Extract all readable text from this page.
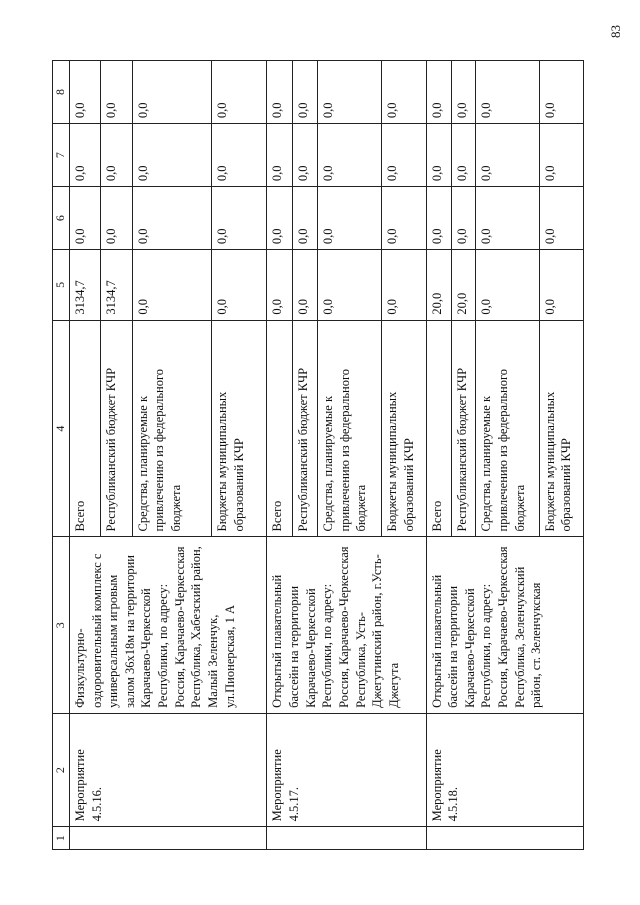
83
1	2	3	4	5	6	7	8
	Мероприятие 4.5.16.	Физкультурно-оздоровительный комплекс с универсальным игровым залом 36х18м на территории Карачаево-Черкесской Республики, по адресу: Россия, Карачаево-Черкесская Республика, Хабезский район, Малый Зеленчук, ул.Пионерская, 1 А	Всего	3134,7	0,0	0,0	0,0
			Республиканский бюджет КЧР	3134,7	0,0	0,0	0,0
			Средства, планируемые к привлечению из федерального бюджета	0,0	0,0	0,0	0,0
			Бюджеты муниципальных образований КЧР	0,0	0,0	0,0	0,0
	Мероприятие 4.5.17.	Открытый плавательный бассейн на территории Карачаево-Черкесской Республики, по адресу: Россия, Карачаево-Черкесская Республика, Усть-Джегутинский район, г.Усть-Джегута	Всего	0,0	0,0	0,0	0,0
			Республиканский бюджет КЧР	0,0	0,0	0,0	0,0
			Средства, планируемые к привлечению из федерального бюджета	0,0	0,0	0,0	0,0
			Бюджеты муниципальных образований КЧР	0,0	0,0	0,0	0,0
	Мероприятие 4.5.18.	Открытый плавательный бассейн на территории Карачаево-Черкесской Республики, по адресу: Россия, Карачаево-Черкесская Республика, Зеленчукский район, ст. Зеленчукская	Всего	20,0	0,0	0,0	0,0
			Республиканский бюджет КЧР	20,0	0,0	0,0	0,0
			Средства, планируемые к привлечению из федерального бюджета	0,0	0,0	0,0	0,0
			Бюджеты муниципальных образований КЧР	0,0	0,0	0,0	0,0
